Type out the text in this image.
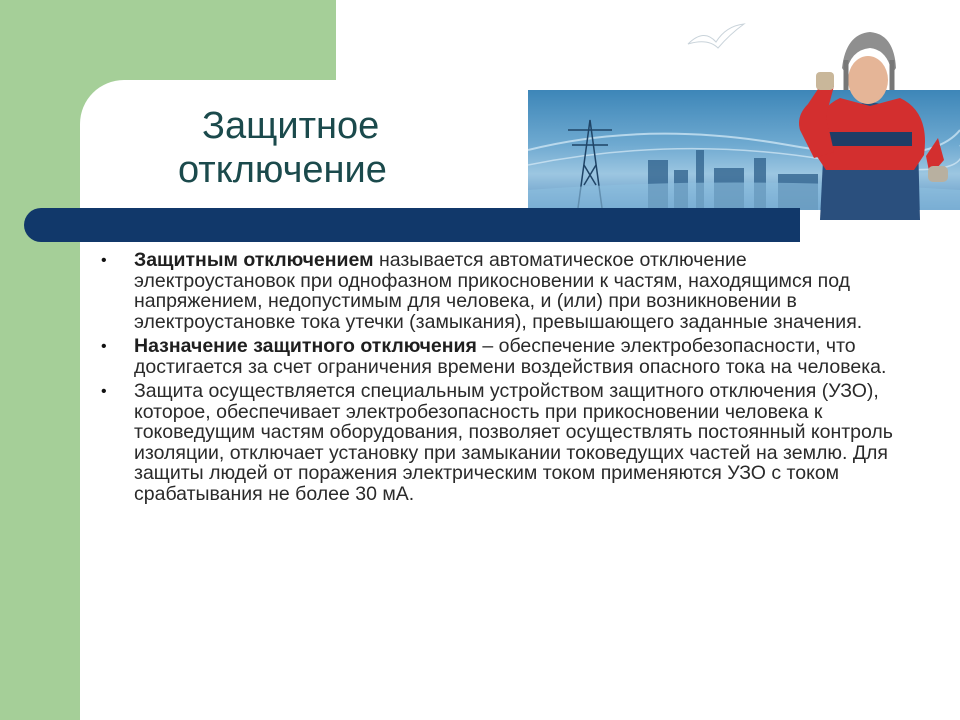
Защитное
отключение
• Защитным отключением называется автоматическое отключение электроустановок при однофазном прикосновении к частям, находящимся под напряжением, недопустимым для человека, и (или) при возникновении в электроустановке тока утечки (замыкания), превышающего заданные значения.

• Назначение защитного отключения – обеспечение электробезопасности, что достигается за счет ограничения времени воздействия опасного тока на человека.

• Защита осуществляется специальным устройством защитного отключения (УЗО), которое, обеспечивает электробезопасность при прикосновении человека к токоведущим частям оборудования, позволяет осуществлять постоянный контроль изоляции, отключает установку при замыкании токоведущих частей на землю. Для защиты людей от поражения электрическим током применяются УЗО с током срабатывания не более 30 мА.
